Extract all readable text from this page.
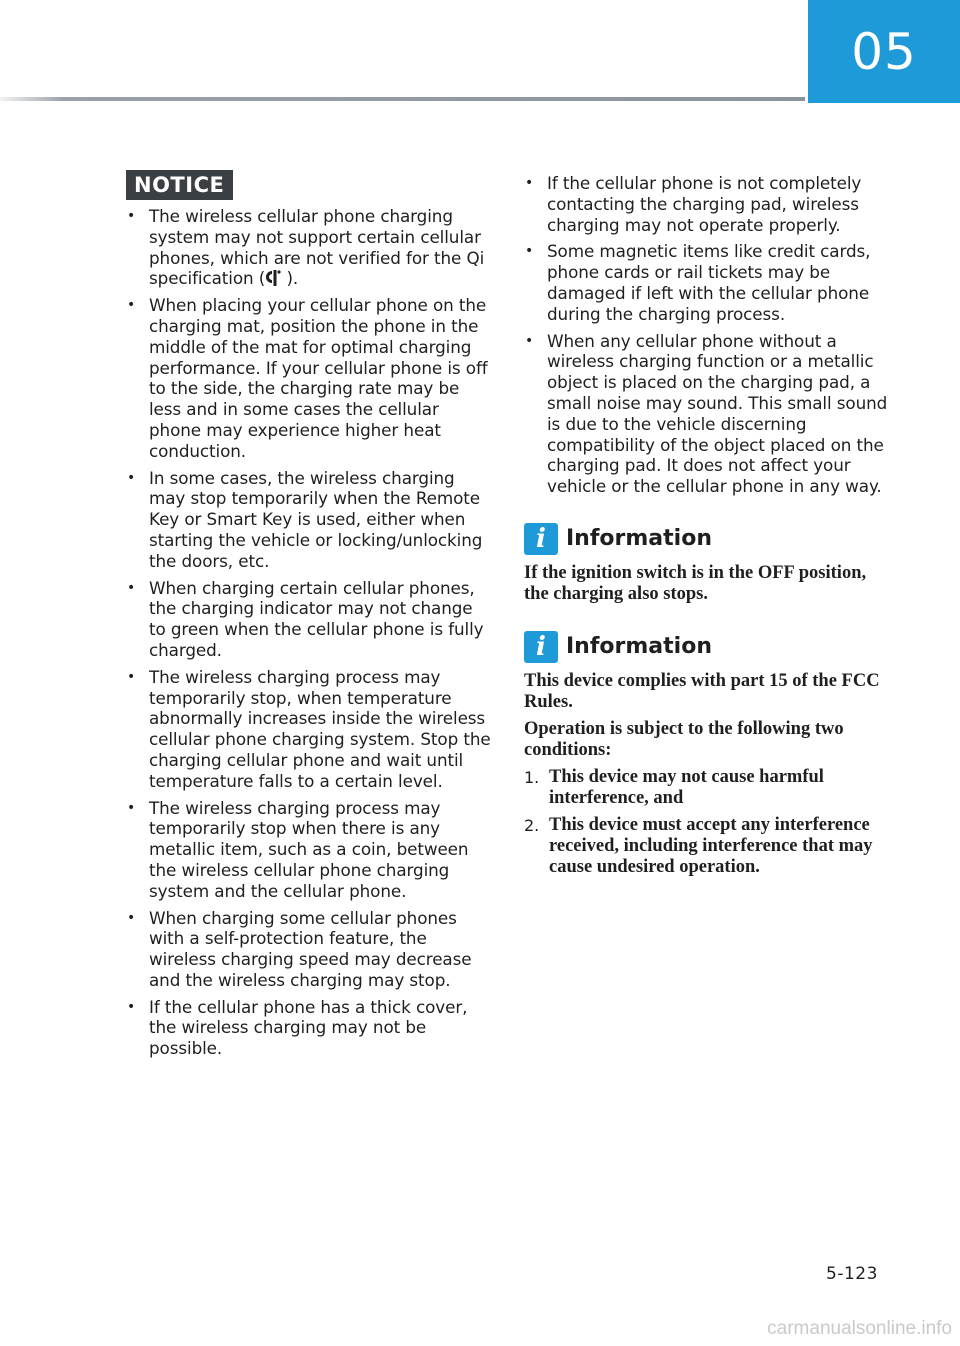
05
NOTICE
• The wireless cellular phone charging system may not support certain cellular phones, which are not verified for the Qi specification ( ).
• When placing your cellular phone on the charging mat, position the phone in the middle of the mat for optimal charging performance. If your cellular phone is off to the side, the charging rate may be less and in some cases the cellular phone may experience higher heat conduction.
• In some cases, the wireless charging may stop temporarily when the Remote Key or Smart Key is used, either when starting the vehicle or locking/unlocking the doors, etc.
• When charging certain cellular phones, the charging indicator may not change to green when the cellular phone is fully charged.
• The wireless charging process may temporarily stop, when temperature abnormally increases inside the wireless cellular phone charging system. Stop the charging cellular phone and wait until temperature falls to a certain level.
• The wireless charging process may temporarily stop when there is any metallic item, such as a coin, between the wireless cellular phone charging system and the cellular phone.
• When charging some cellular phones with a self-protection feature, the wireless charging speed may decrease and the wireless charging may stop.
• If the cellular phone has a thick cover, the wireless charging may not be possible.
• If the cellular phone is not completely contacting the charging pad, wireless charging may not operate properly.
• Some magnetic items like credit cards, phone cards or rail tickets may be damaged if left with the cellular phone during the charging process.
• When any cellular phone without a wireless charging function or a metallic object is placed on the charging pad, a small noise may sound. This small sound is due to the vehicle discerning compatibility of the object placed on the charging pad. It does not affect your vehicle or the cellular phone in any way.
i Information

If the ignition switch is in the OFF position, the charging also stops.

i Information

This device complies with part 15 of the FCC Rules.

Operation is subject to the following two conditions:

1. This device may not cause harmful interference, and
2. This device must accept any interference received, including interference that may cause undesired operation.
5-123
carmanualsonline.info
